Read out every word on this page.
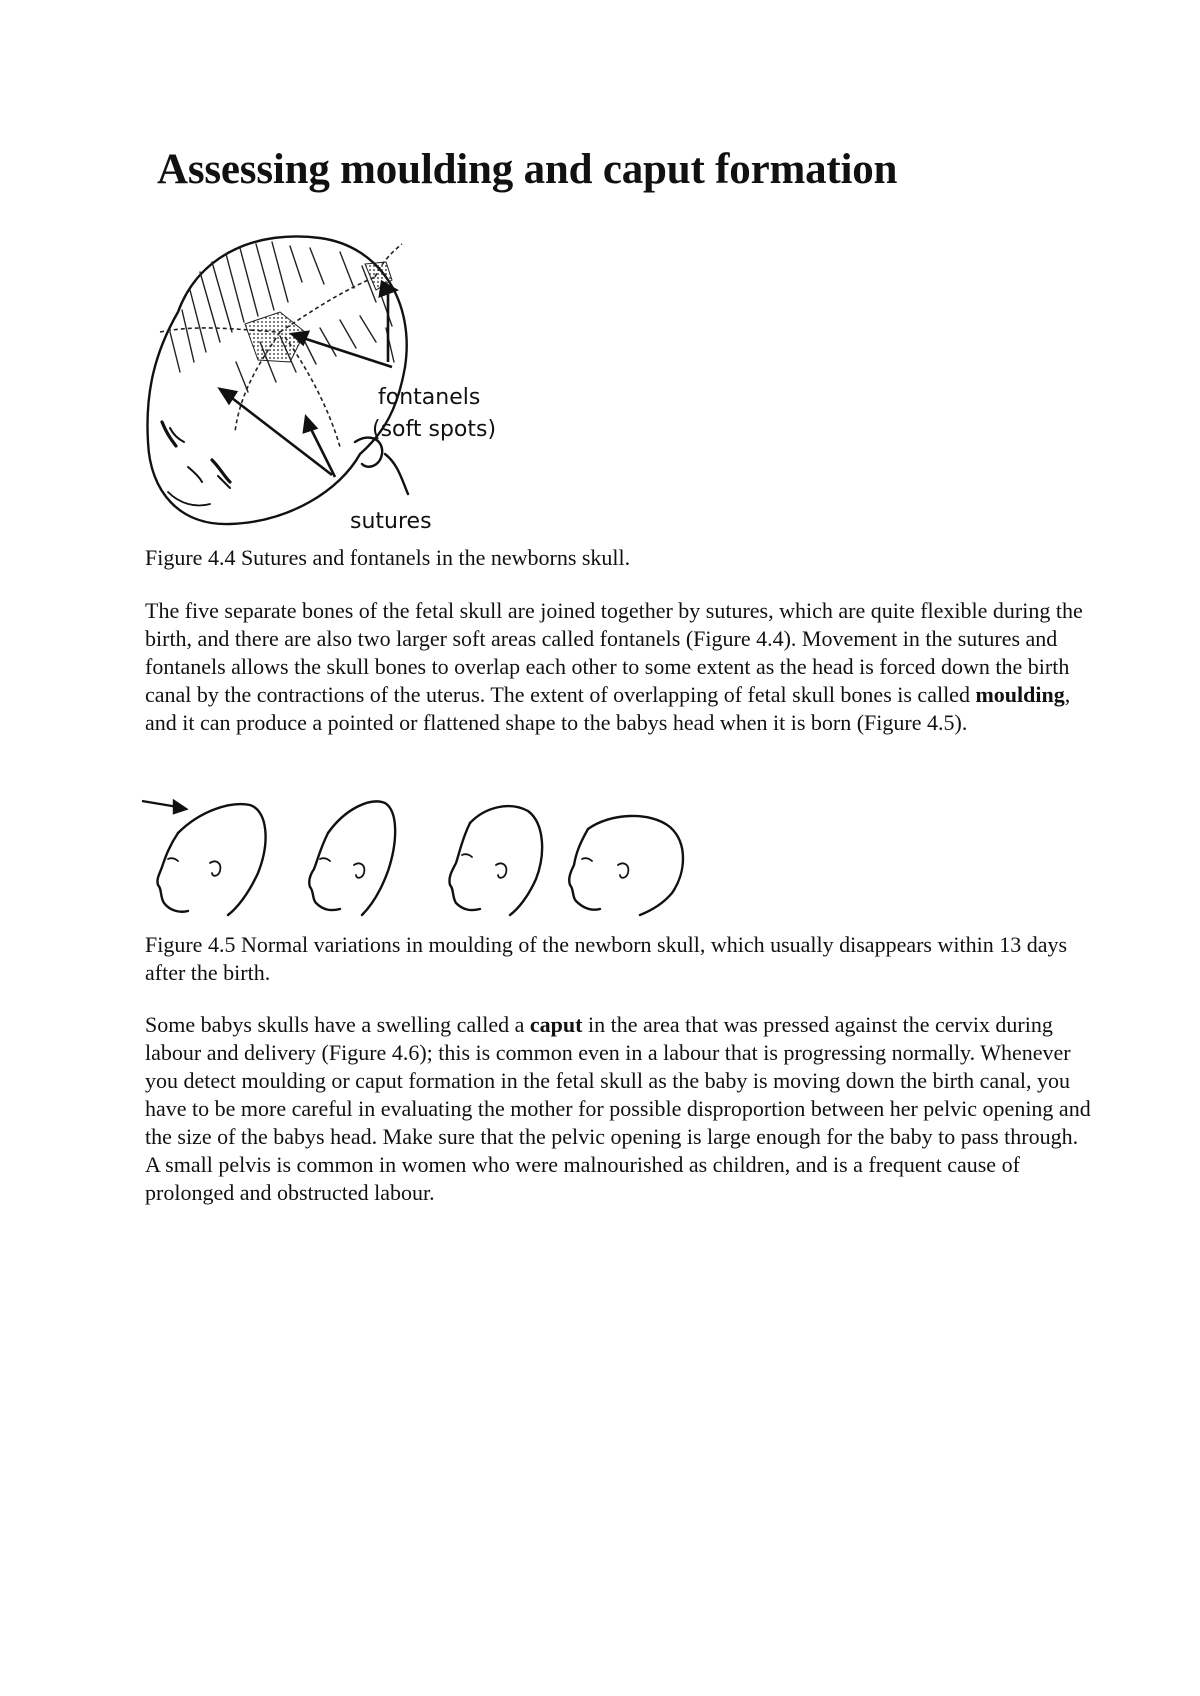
Assessing moulding and caput formation
fontanels
(soft spots)
sutures

Figure 4.4 Sutures and fontanels in the newborns skull.

The five separate bones of the fetal skull are joined together by sutures, which are quite flexible during the birth, and there are also two larger soft areas called fontanels (Figure 4.4). Movement in the sutures and fontanels allows the skull bones to overlap each other to some extent as the head is forced down the birth canal by the contractions of the uterus. The extent of overlapping of fetal skull bones is called moulding, and it can produce a pointed or flattened shape to the babys head when it is born (Figure 4.5).

Figure 4.5 Normal variations in moulding of the newborn skull, which usually disappears within 13 days after the birth.

Some babys skulls have a swelling called a caput in the area that was pressed against the cervix during labour and delivery (Figure 4.6); this is common even in a labour that is progressing normally. Whenever you detect moulding or caput formation in the fetal skull as the baby is moving down the birth canal, you have to be more careful in evaluating the mother for possible disproportion between her pelvic opening and the size of the babys head. Make sure that the pelvic opening is large enough for the baby to pass through. A small pelvis is common in women who were malnourished as children, and is a frequent cause of prolonged and obstructed labour.
